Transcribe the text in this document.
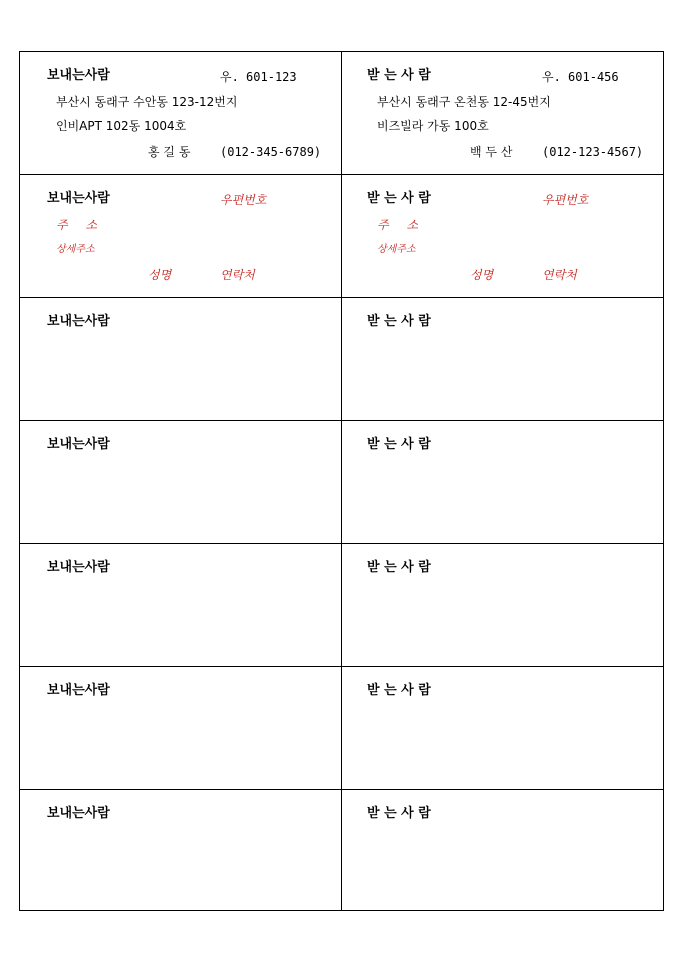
보내는사람	우. 601-123
부산시 동래구 수안동 123-12번지
인비APT 102동 1004호
홍 길 동 (012-345-6789)
받 는 사 람	우. 601-456
부산시 동래구 온천동 12-45번지
비즈빌라 가동 100호
백 두 산 (012-123-4567)
보내는사람	우편번호
주 소
상세주소
성명	연락처
받 는 사 람	우편번호
주 소
상세주소
성명	연락처
보내는사람	받 는 사 람
보내는사람	받 는 사 람
보내는사람	받 는 사 람
보내는사람	받 는 사 람
보내는사람	받 는 사 람
